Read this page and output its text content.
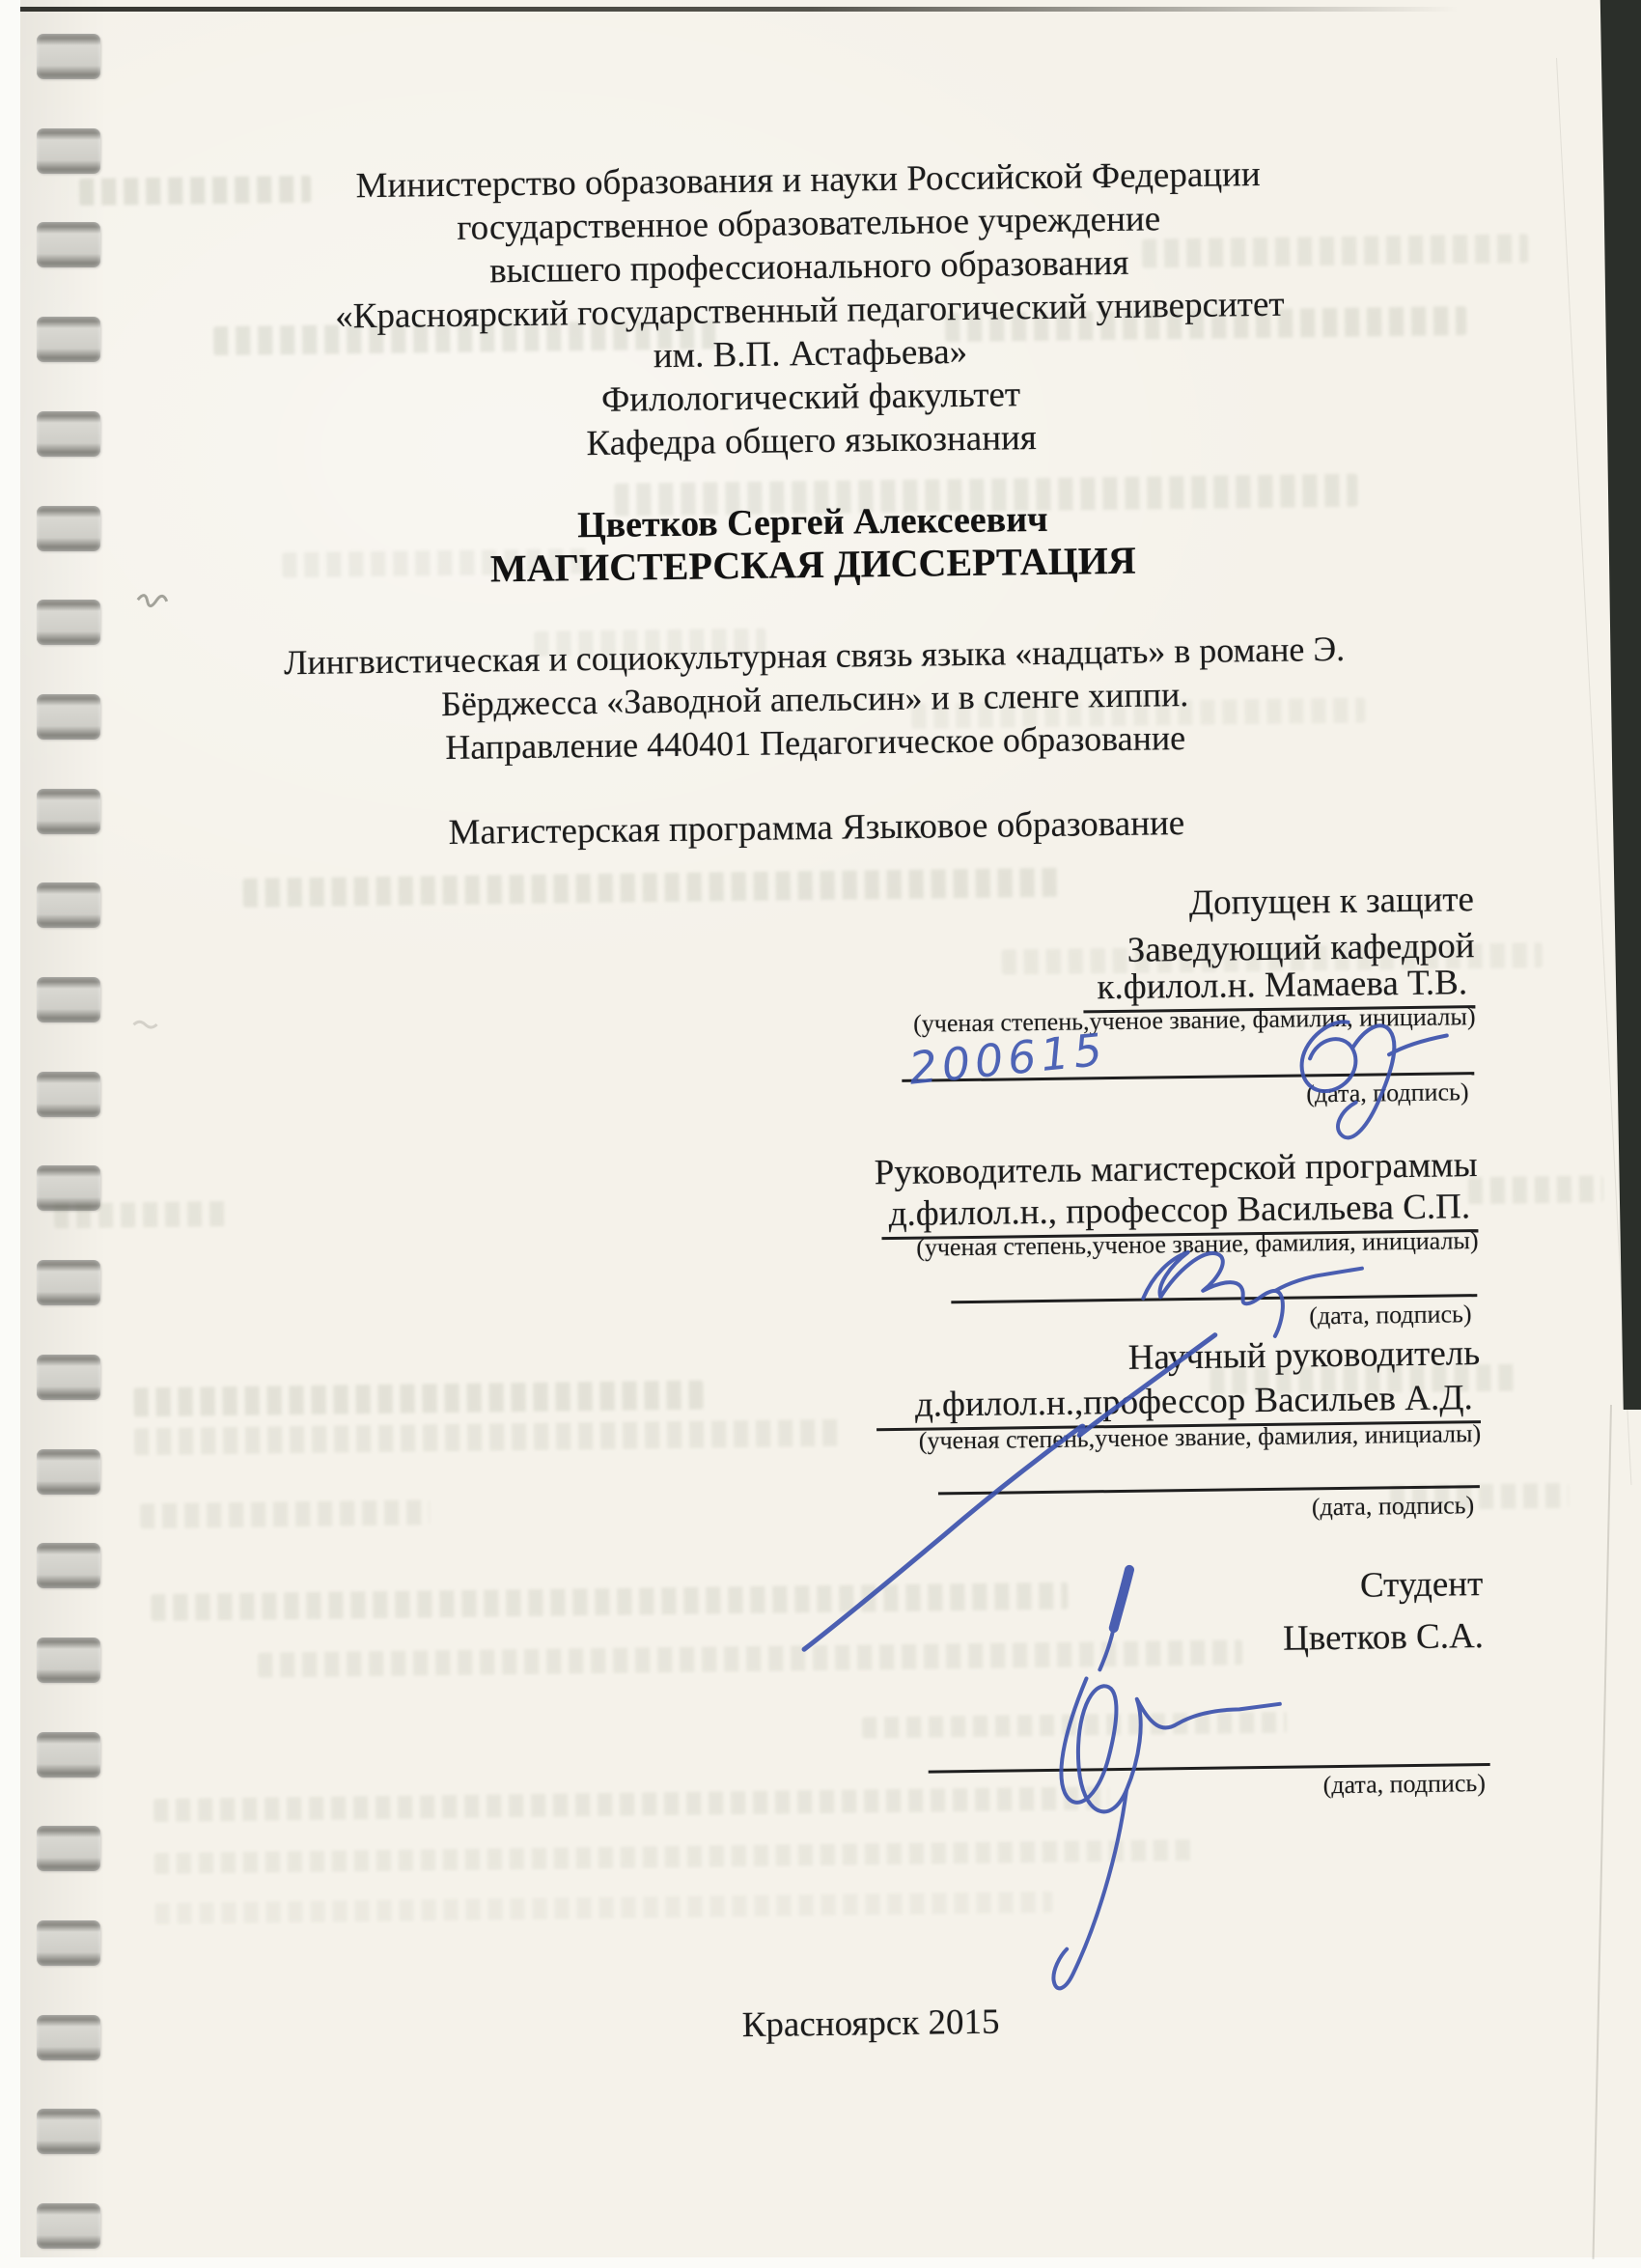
Министерство образования и науки Российской Федерации
государственное образовательное учреждение
высшего профессионального образования
«Красноярский государственный педагогический университет
им. В.П. Астафьева»
Филологический факультет
Кафедра общего языкознания
Цветков Сергей Алексеевич
МАГИСТЕРСКАЯ ДИССЕРТАЦИЯ
Лингвистическая и социокультурная связь языка «надцать» в романе Э.
Бёрджесса «Заводной апельсин» и в сленге хиппи.
Направление 440401 Педагогическое образование
Магистерская программа Языковое образование
Допущен к защите
Заведующий кафедрой
к.филол.н. Мамаева Т.В.
(ученая степень,ученое звание, фамилия, инициалы)
(дата, подпись)
Руководитель магистерской программы
д.филол.н., профессор Васильева С.П.
(ученая степень,ученое звание, фамилия, инициалы)
(дата, подпись)
Научный руководитель
д.филол.н.,профессор Васильев А.Д.
(ученая степень,ученое звание, фамилия, инициалы)
(дата, подпись)
Студент
Цветков С.А.
(дата, подпись)
Красноярск 2015
200615
